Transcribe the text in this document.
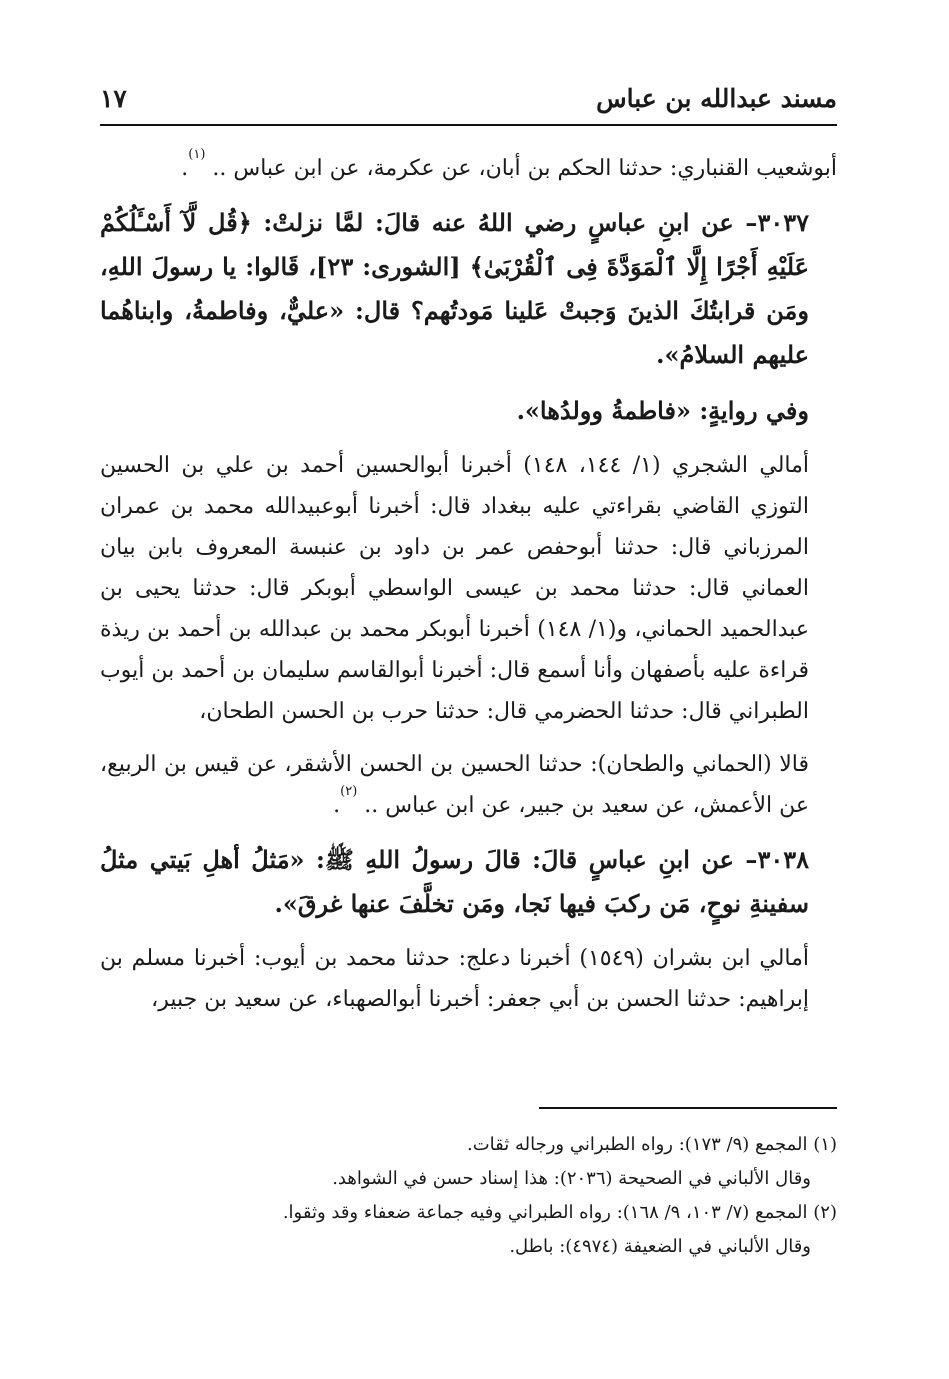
مسند عبدالله بن عباس
١٧

أبوشعيب القنباري: حدثنا الحكم بن أبان، عن عكرمة، عن ابن عباس .. $^{(١)}$.

٣٠٣٧– عن ابنِ عباسٍ رضي اللهُ عنه قالَ: لمَّا نزلتْ: ﴿قُل لَّآ أَسْـَٔلُكُمْ عَلَيْهِ أَجْرًا إِلَّا ٱلْمَوَدَّةَ فِى ٱلْقُرْبَىٰ﴾ [الشورى: ٢٣]، قَالوا: يا رسولَ اللهِ، ومَن قرابتُكَ الذينَ وَجبتْ عَلينا مَودتُهم؟ قال: «عليٌّ، وفاطمةُ، وابناهُما عليهم السلامُ».

وفي روايةٍ: «فاطمةُ وولدُها».

أمالي الشجري (١/ ١٤٤، ١٤٨) أخبرنا أبوالحسين أحمد بن علي بن الحسين التوزي القاضي بقراءتي عليه ببغداد قال: أخبرنا أبوعبيدالله محمد بن عمران المرزباني قال: حدثنا أبوحفص عمر بن داود بن عنبسة المعروف بابن بيان العماني قال: حدثنا محمد بن عيسى الواسطي أبوبكر قال: حدثنا يحيى بن عبدالحميد الحماني، و(١/ ١٤٨) أخبرنا أبوبكر محمد بن عبدالله بن أحمد بن ريذة قراءة عليه بأصفهان وأنا أسمع قال: أخبرنا أبوالقاسم سليمان بن أحمد بن أيوب الطبراني قال: حدثنا الحضرمي قال: حدثنا حرب بن الحسن الطحان،

قالا (الحماني والطحان): حدثنا الحسين بن الحسن الأشقر، عن قيس بن الربيع، عن الأعمش، عن سعيد بن جبير، عن ابن عباس .. $^{(٢)}$.

٣٠٣٨– عن ابنِ عباسٍ قالَ: قالَ رسولُ اللهِ ﷺ: «مَثلُ أهلِ بَيتي مثلُ سفينةِ نوحٍ، مَن ركبَ فيها نَجا، ومَن تخلَّفَ عنها غرقَ».

أمالي ابن بشران (١٥٤٩) أخبرنا دعلج: حدثنا محمد بن أيوب: أخبرنا مسلم بن إبراهيم: حدثنا الحسن بن أبي جعفر: أخبرنا أبوالصهباء، عن سعيد بن جبير،

(١) المجمع (٩/ ١٧٣): رواه الطبراني ورجاله ثقات.

وقال الألباني في الصحيحة (٢٠٣٦): هذا إسناد حسن في الشواهد.

(٢) المجمع (٧/ ١٠٣، ٩/ ١٦٨): رواه الطبراني وفيه جماعة ضعفاء وقد وثقوا.

وقال الألباني في الضعيفة (٤٩٧٤): باطل.
